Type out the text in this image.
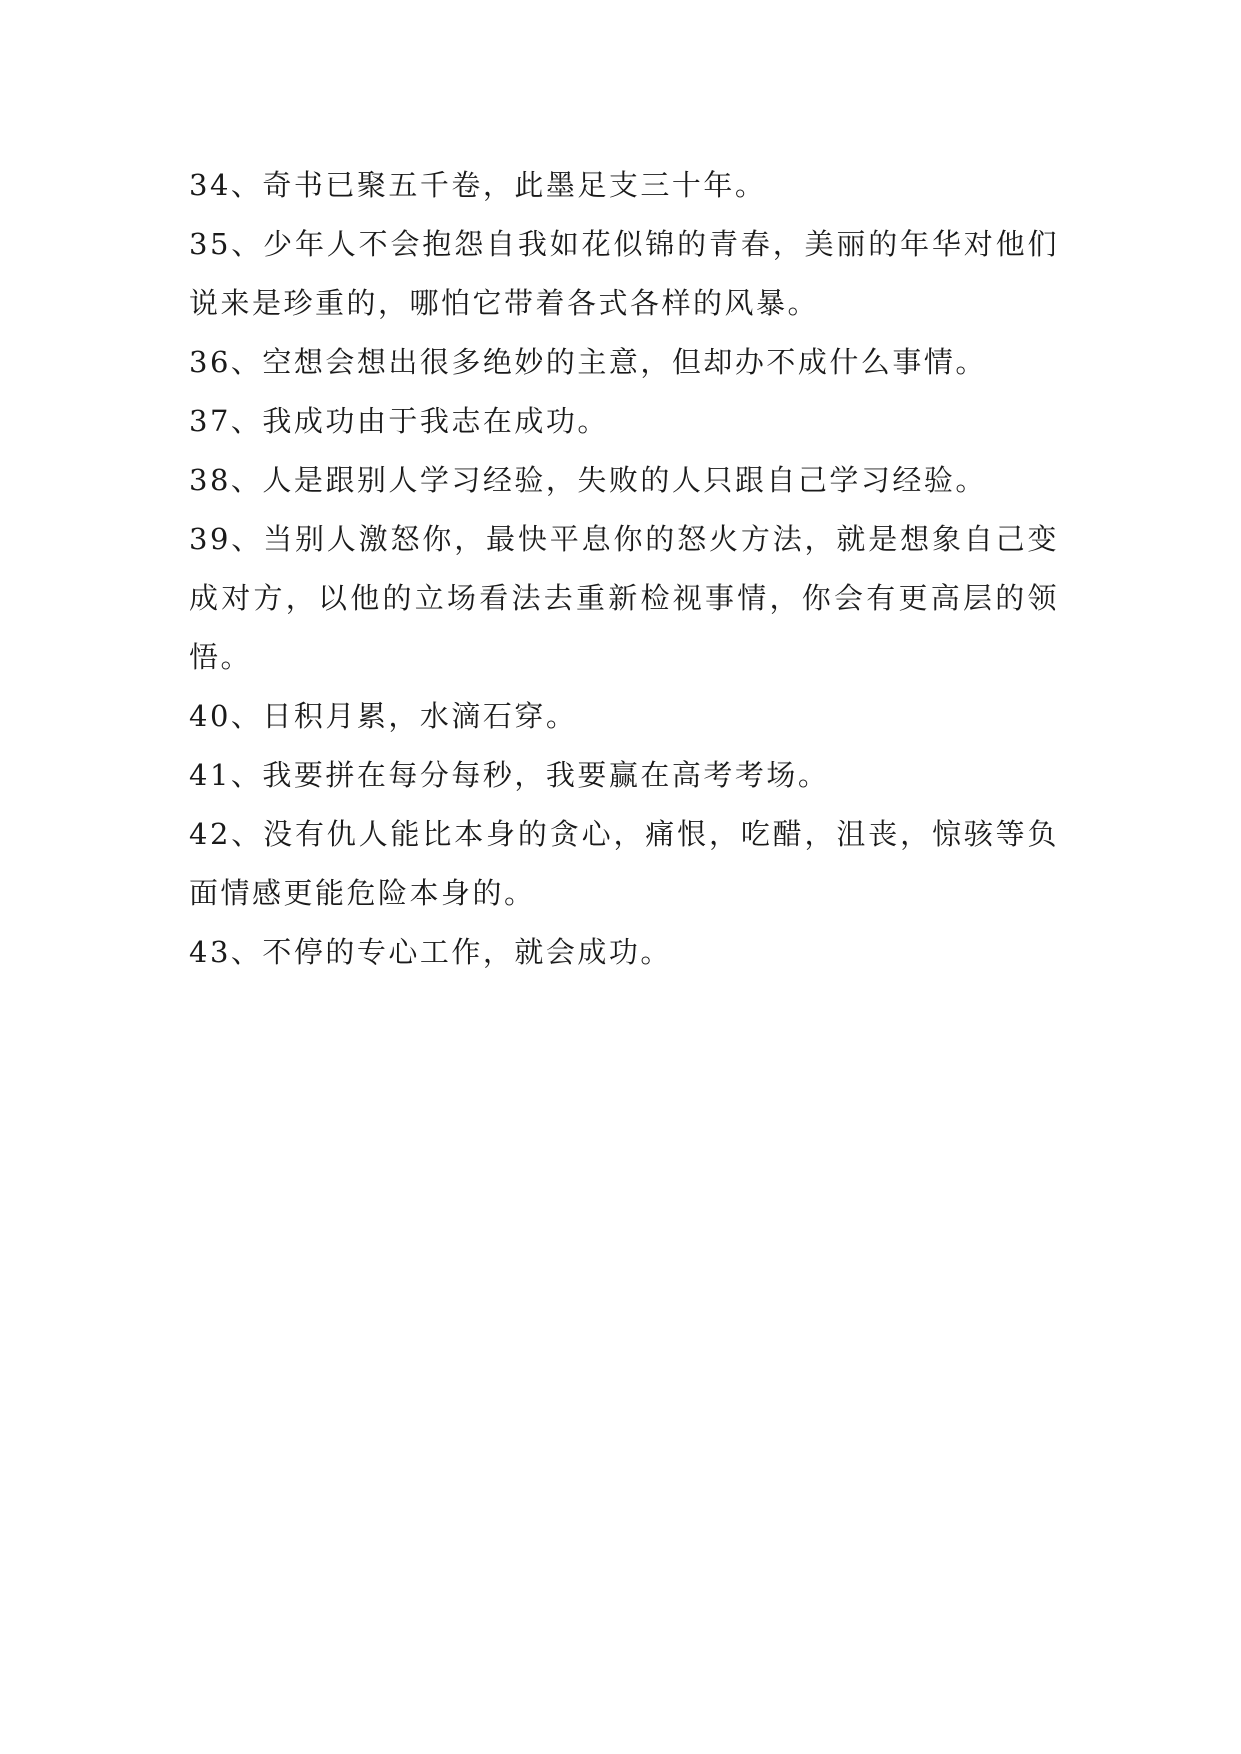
34、奇书已聚五千卷，此墨足支三十年。

35、少年人不会抱怨自我如花似锦的青春，美丽的年华对他们说来是珍重的，哪怕它带着各式各样的风暴。

36、空想会想出很多绝妙的主意，但却办不成什么事情。

37、我成功由于我志在成功。

38、人是跟别人学习经验，失败的人只跟自己学习经验。

39、当别人激怒你，最快平息你的怒火方法，就是想象自己变成对方，以他的立场看法去重新检视事情，你会有更高层的领悟。

40、日积月累，水滴石穿。

41、我要拼在每分每秒，我要赢在高考考场。

42、没有仇人能比本身的贪心，痛恨，吃醋，沮丧，惊骇等负面情感更能危险本身的。

43、不停的专心工作，就会成功。
